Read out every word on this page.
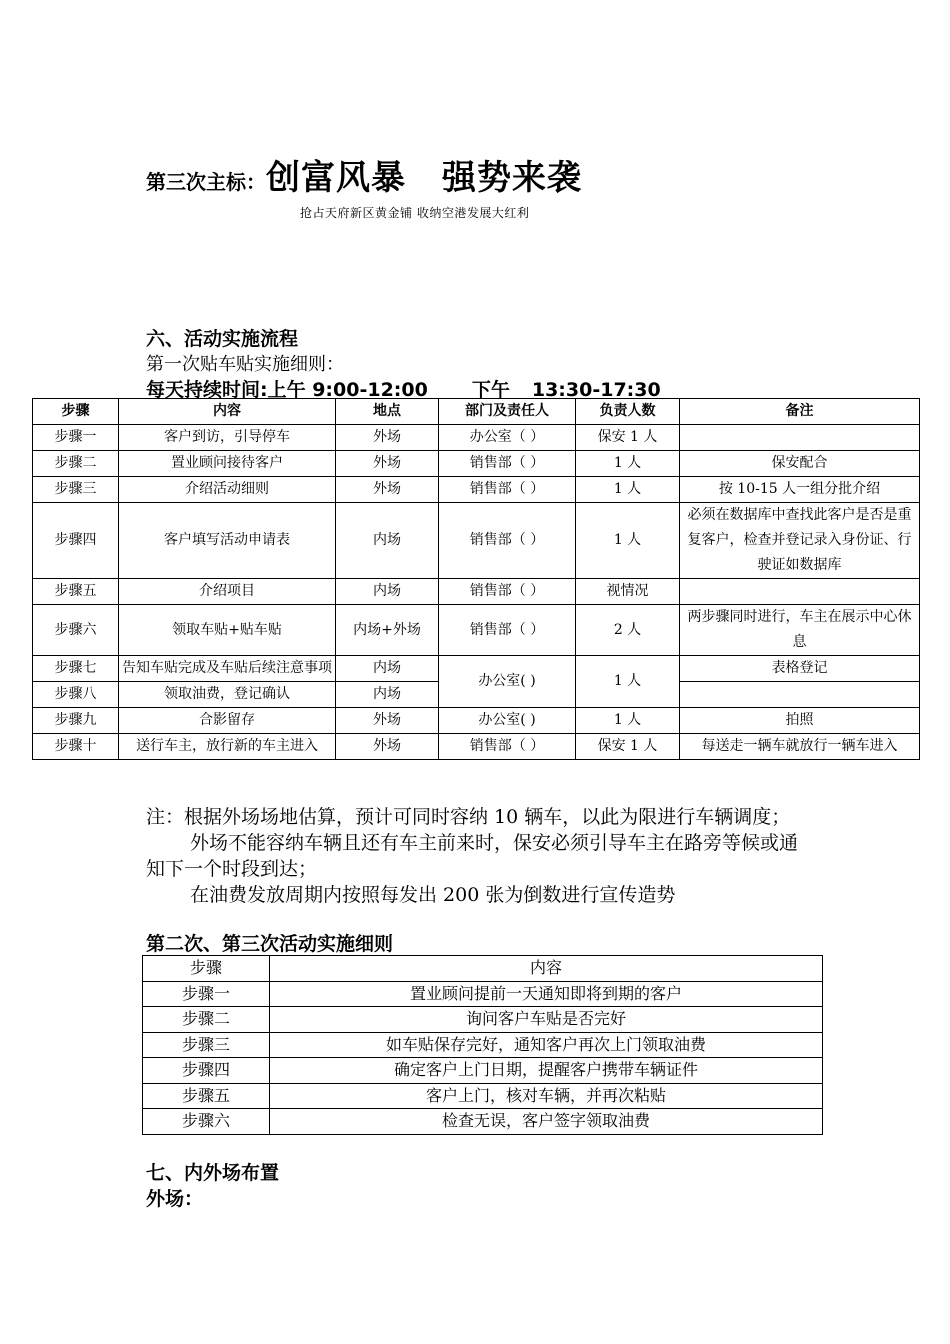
第三次主标：创富风暴 强势来袭
抢占天府新区黄金铺 收纳空港发展大红利
六、活动实施流程
第一次贴车贴实施细则：
每天持续时间:上午 9:00-12:00 下午 13:30-17:30
步骤	内容	地点	部门及责任人	负责人数	备注
步骤一	客户到访，引导停车	外场	办公室（ ）	保安 1 人	
步骤二	置业顾问接待客户	外场	销售部（ ）	1 人	保安配合
步骤三	介绍活动细则	外场	销售部（ ）	1 人	按 10-15 人一组分批介绍
步骤四	客户填写活动申请表	内场	销售部（ ）	1 人	必须在数据库中查找此客户是否是重复客户，检查并登记录入身份证、行驶证如数据库
步骤五	介绍项目	内场	销售部（ ）	视情况	
步骤六	领取车贴+贴车贴	内场+外场	销售部（ ）	2 人	两步骤同时进行，车主在展示中心休息
步骤七	告知车贴完成及车贴后续注意事项	内场	办公室( )	1 人	表格登记
步骤八	领取油费，登记确认	内场			
步骤九	合影留存	外场	办公室( )	1 人	拍照
步骤十	送行车主，放行新的车主进入	外场	销售部（ ）	保安 1 人	每送走一辆车就放行一辆车进入

注：根据外场场地估算，预计可同时容纳 10 辆车，以此为限进行车辆调度；

外场不能容纳车辆且还有车主前来时，保安必须引导车主在路旁等候或通知下一个时段到达；

在油费发放周期内按照每发出 200 张为倒数进行宣传造势

第二次、第三次活动实施细则
步骤	内容
步骤一	置业顾问提前一天通知即将到期的客户
步骤二	询问客户车贴是否完好
步骤三	如车贴保存完好，通知客户再次上门领取油费
步骤四	确定客户上门日期，提醒客户携带车辆证件
步骤五	客户上门，核对车辆，并再次粘贴
步骤六	检查无误，客户签字领取油费
七、内外场布置
外场：
